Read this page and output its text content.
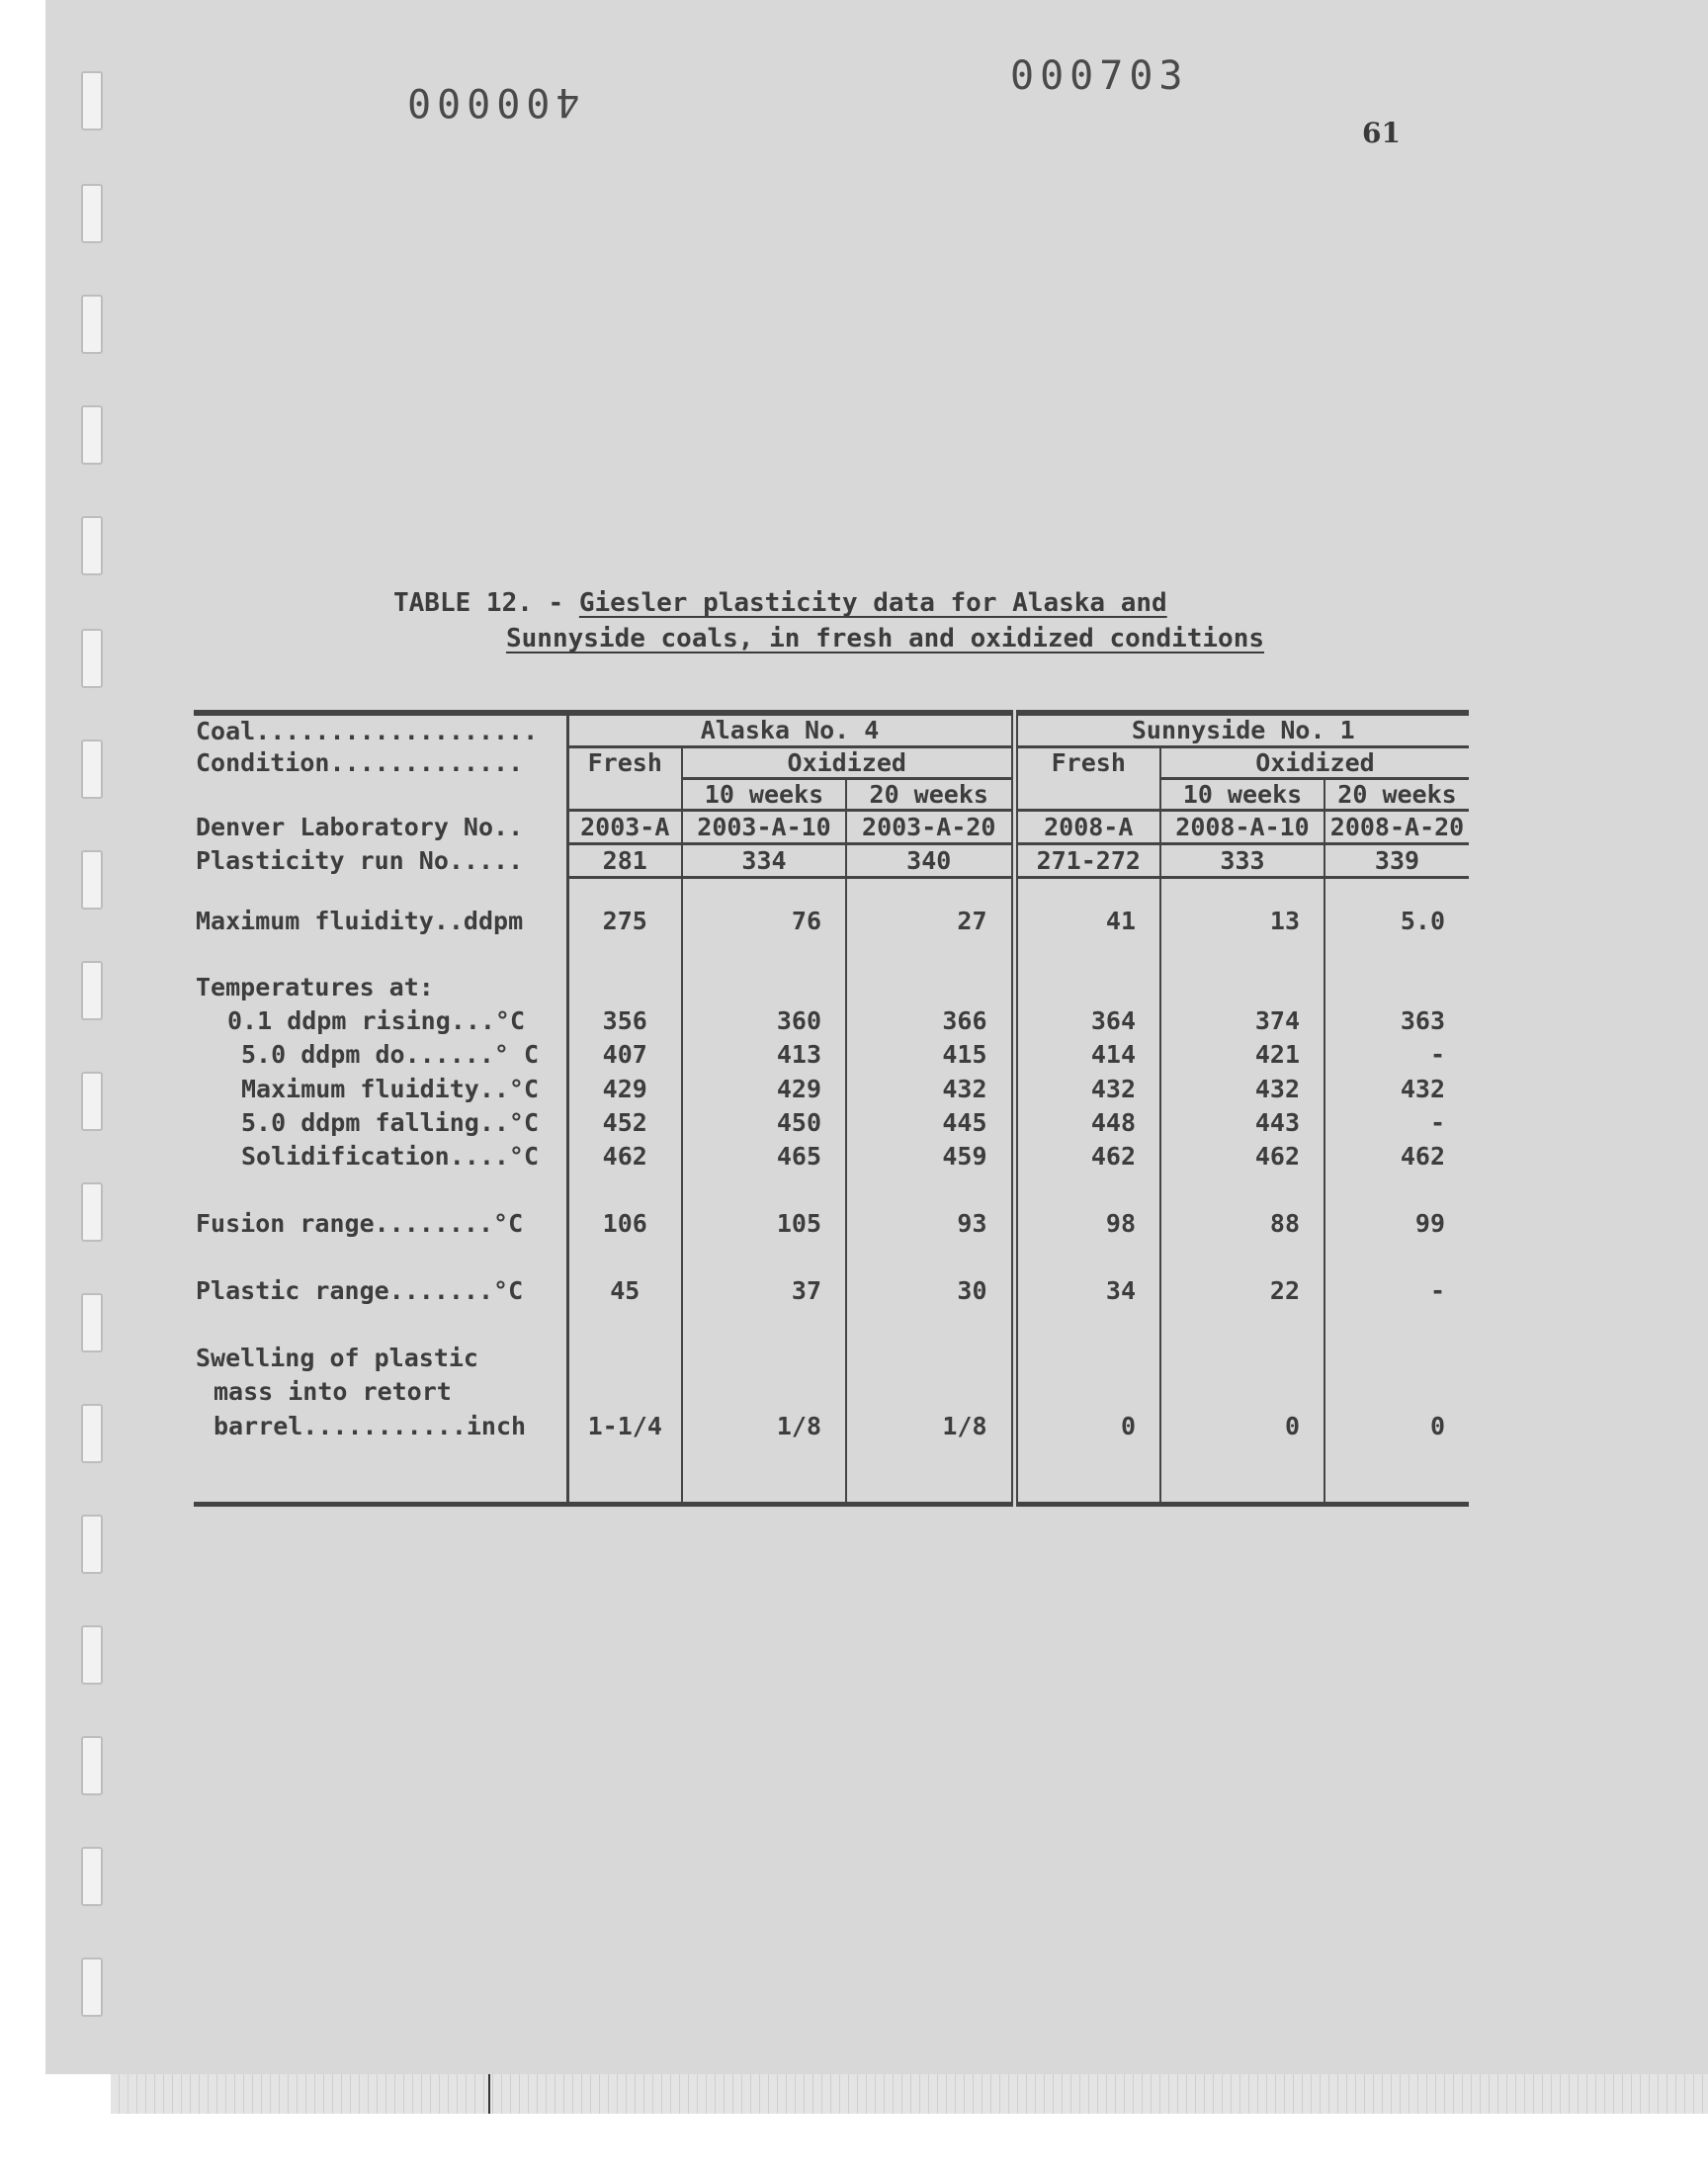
400000
000703
61
TABLE 12. - Giesler plasticity data for Alaska and
Sunnyside coals, in fresh and oxidized conditions
Coal...................	Alaska No. 4			Sunnyside No. 1		
Condition.............	Fresh	Oxidized		Fresh	Oxidized	
		10 weeks	20 weeks		10 weeks	20 weeks
Denver Laboratory No..	2003-A	2003-A-10	2003-A-20	2008-A	2008-A-10	2008-A-20
Plasticity run No.....	281	334	340	271-272	333	339

Maximum fluidity..ddpm	275	76	27	41	13	5.0

Temperatures at:						
0.1 ddpm rising...°C	356	360	366	364	374	363
5.0 ddpm do......° C	407	413	415	414	421	-
Maximum fluidity..°C	429	429	432	432	432	432
5.0 ddpm falling..°C	452	450	445	448	443	-
Solidification....°C	462	465	459	462	462	462

Fusion range........°C	106	105	93	98	88	99

Plastic range.......°C	45	37	30	34	22	-

Swelling of plastic						
mass into retort						
barrel...........inch	1-1/4	1/8	1/8	0	0	0
